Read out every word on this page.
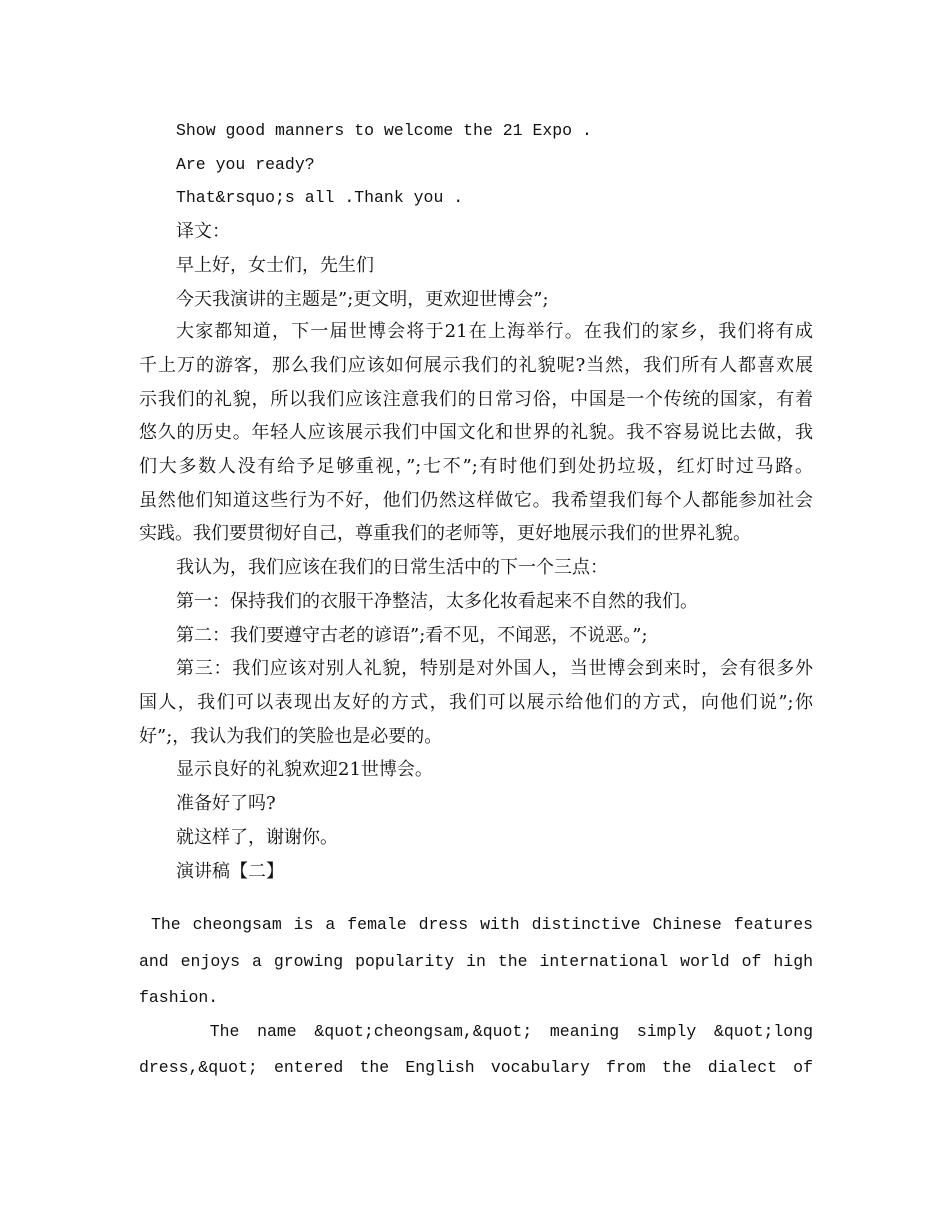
Show good manners to welcome the 21 Expo .

Are you ready?

That&rsquo;s all .Thank you .

译文：

早上好，女士们，先生们

今天我演讲的主题是”;更文明，更欢迎世博会”;

大家都知道，下一届世博会将于21在上海举行。在我们的家乡，我们将有成

千上万的游客，那么我们应该如何展示我们的礼貌呢?当然，我们所有人都喜欢展

示我们的礼貌，所以我们应该注意我们的日常习俗，中国是一个传统的国家，有着

悠久的历史。年轻人应该展示我们中国文化和世界的礼貌。我不容易说比去做，我

们大多数人没有给予足够重视，”;七不”;有时他们到处扔垃圾，红灯时过马路。

虽然他们知道这些行为不好，他们仍然这样做它。我希望我们每个人都能参加社会

实践。我们要贯彻好自己，尊重我们的老师等，更好地展示我们的世界礼貌。

我认为，我们应该在我们的日常生活中的下一个三点：

第一：保持我们的衣服干净整洁，太多化妆看起来不自然的我们。

第二：我们要遵守古老的谚语”;看不见，不闻恶，不说恶。”;

第三：我们应该对别人礼貌，特别是对外国人，当世博会到来时，会有很多外

国人，我们可以表现出友好的方式，我们可以展示给他们的方式，向他们说”;你

好”;，我认为我们的笑脸也是必要的。

显示良好的礼貌欢迎21世博会。

准备好了吗?

就这样了，谢谢你。

演讲稿【二】

The cheongsam is a female dress with distinctive Chinese features

and enjoys a growing popularity in the international world of high

fashion.

The name &quot;cheongsam,&quot; meaning simply &quot;long

dress,&quot; entered the English vocabulary from the dialect of
